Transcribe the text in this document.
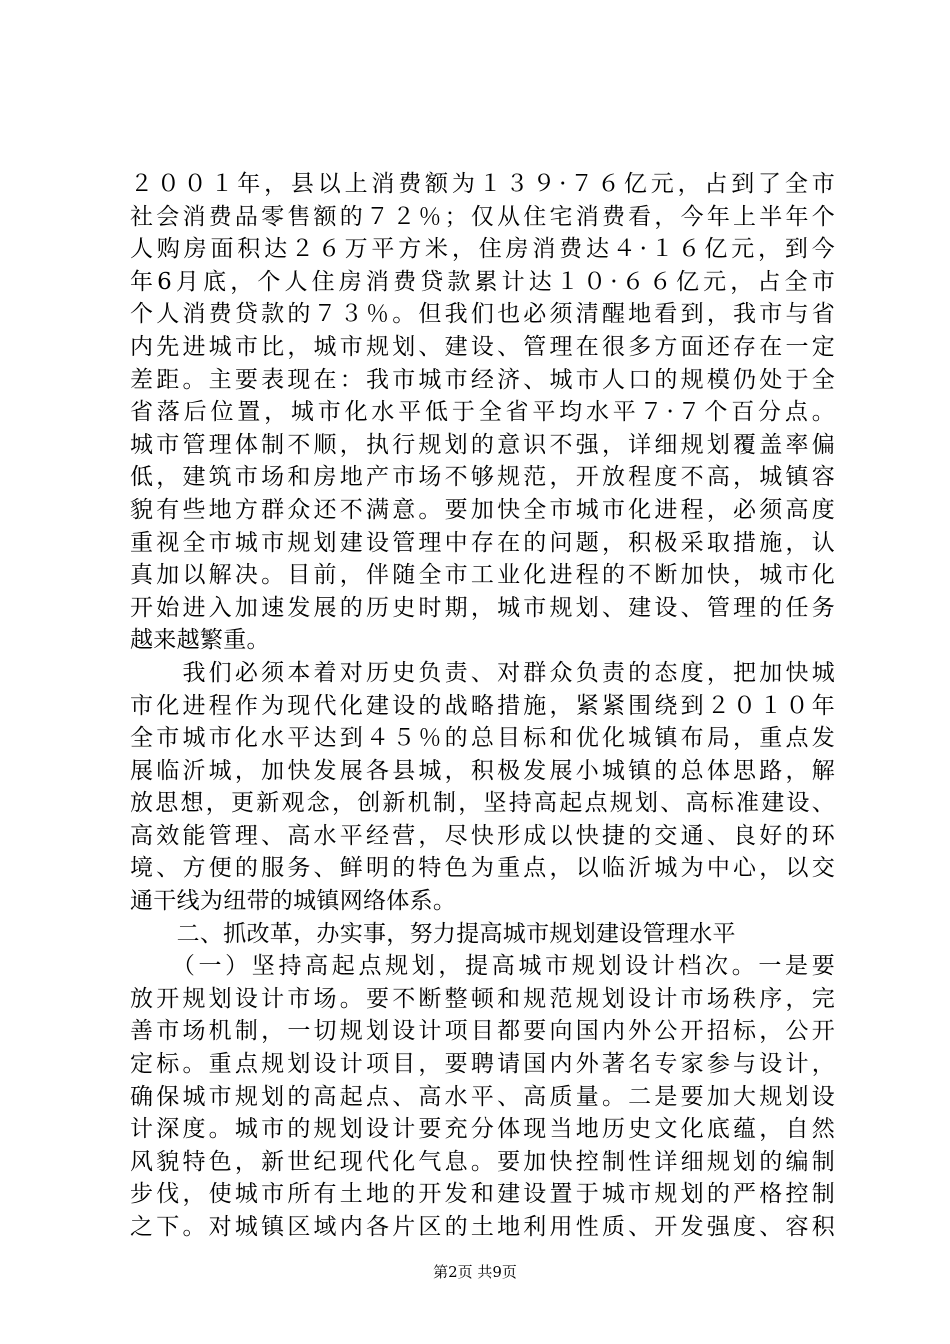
２００１年，县以上消费额为１３９·７６亿元，占到了全市
社会消费品零售额的７２％；仅从住宅消费看，今年上半年个
人购房面积达２６万平方米，住房消费达４·１６亿元，到今
年6月底，个人住房消费贷款累计达１０·６６亿元，占全市
个人消费贷款的７３％。但我们也必须清醒地看到，我市与省
内先进城市比，城市规划、建设、管理在很多方面还存在一定
差距。主要表现在：我市城市经济、城市人口的规模仍处于全
省落后位置，城市化水平低于全省平均水平７·７个百分点。
城市管理体制不顺，执行规划的意识不强，详细规划覆盖率偏
低，建筑市场和房地产市场不够规范，开放程度不高，城镇容
貌有些地方群众还不满意。要加快全市城市化进程，必须高度
重视全市城市规划建设管理中存在的问题，积极采取措施，认
真加以解决。目前，伴随全市工业化进程的不断加快，城市化
开始进入加速发展的历史时期，城市规划、建设、管理的任务
越来越繁重。
　　我们必须本着对历史负责、对群众负责的态度，把加快城
市化进程作为现代化建设的战略措施，紧紧围绕到２０１０年
全市城市化水平达到４５％的总目标和优化城镇布局，重点发
展临沂城，加快发展各县城，积极发展小城镇的总体思路，解
放思想，更新观念，创新机制，坚持高起点规划、高标准建设、
高效能管理、高水平经营，尽快形成以快捷的交通、良好的环
境、方便的服务、鲜明的特色为重点，以临沂城为中心，以交
通干线为纽带的城镇网络体系。
　　二、抓改革，办实事，努力提高城市规划建设管理水平
　　（一）坚持高起点规划，提高城市规划设计档次。一是要
放开规划设计市场。要不断整顿和规范规划设计市场秩序，完
善市场机制，一切规划设计项目都要向国内外公开招标，公开
定标。重点规划设计项目，要聘请国内外著名专家参与设计，
确保城市规划的高起点、高水平、高质量。二是要加大规划设
计深度。城市的规划设计要充分体现当地历史文化底蕴，自然
风貌特色，新世纪现代化气息。要加快控制性详细规划的编制
步伐，使城市所有土地的开发和建设置于城市规划的严格控制
之下。对城镇区域内各片区的土地利用性质、开发强度、容积
第2页 共9页
